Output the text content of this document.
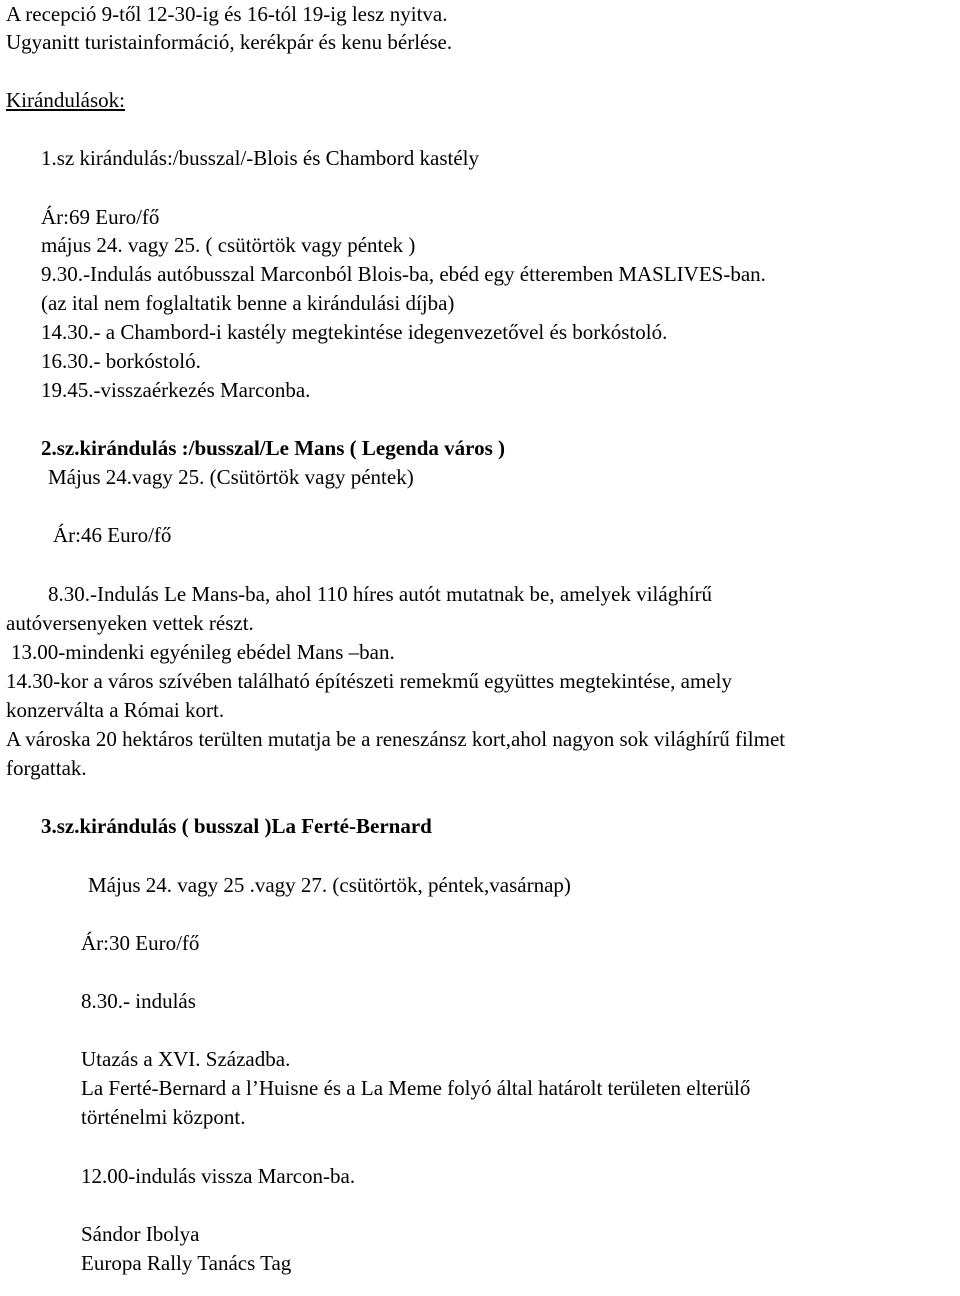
A recepció 9-től 12-30-ig és 16-tól 19-ig lesz nyitva.
Ugyanitt turistainformáció, kerékpár és kenu bérlése.
Kirándulások:
1.sz kirándulás:/busszal/-Blois és Chambord kastély
Ár:69 Euro/fő
május 24. vagy 25. ( csütörtök vagy péntek )
9.30.-Indulás autóbusszal Marconból Blois-ba, ebéd egy étteremben MASLIVES-ban.
(az ital nem foglaltatik benne a kirándulási díjba)
14.30.- a Chambord-i kastély megtekintése idegenvezetővel és borkóstoló.
16.30.- borkóstoló.
19.45.-visszaérkezés Marconba.
2.sz.kirándulás :/busszal/Le Mans ( Legenda város )
Május 24.vagy 25. (Csütörtök vagy péntek)
Ár:46 Euro/fő
8.30.-Indulás Le Mans-ba, ahol 110 híres autót mutatnak be, amelyek világhírű
autóversenyeken vettek részt.
13.00-mindenki egyénileg ebédel Mans –ban.
14.30-kor a város szívében található építészeti remekmű együttes megtekintése, amely
konzerválta a Római kort.
A városka 20 hektáros terülten mutatja be a reneszánsz kort,ahol nagyon sok világhírű filmet
forgattak.
3.sz.kirándulás ( busszal )La Ferté-Bernard
Május 24. vagy 25 .vagy 27. (csütörtök, péntek,vasárnap)
Ár:30 Euro/fő
8.30.- indulás
Utazás a XVI. Századba.
La Ferté-Bernard a l’Huisne és a La Meme folyó által határolt területen elterülő
történelmi központ.
12.00-indulás vissza Marcon-ba.
Sándor Ibolya
Europa Rally Tanács Tag
